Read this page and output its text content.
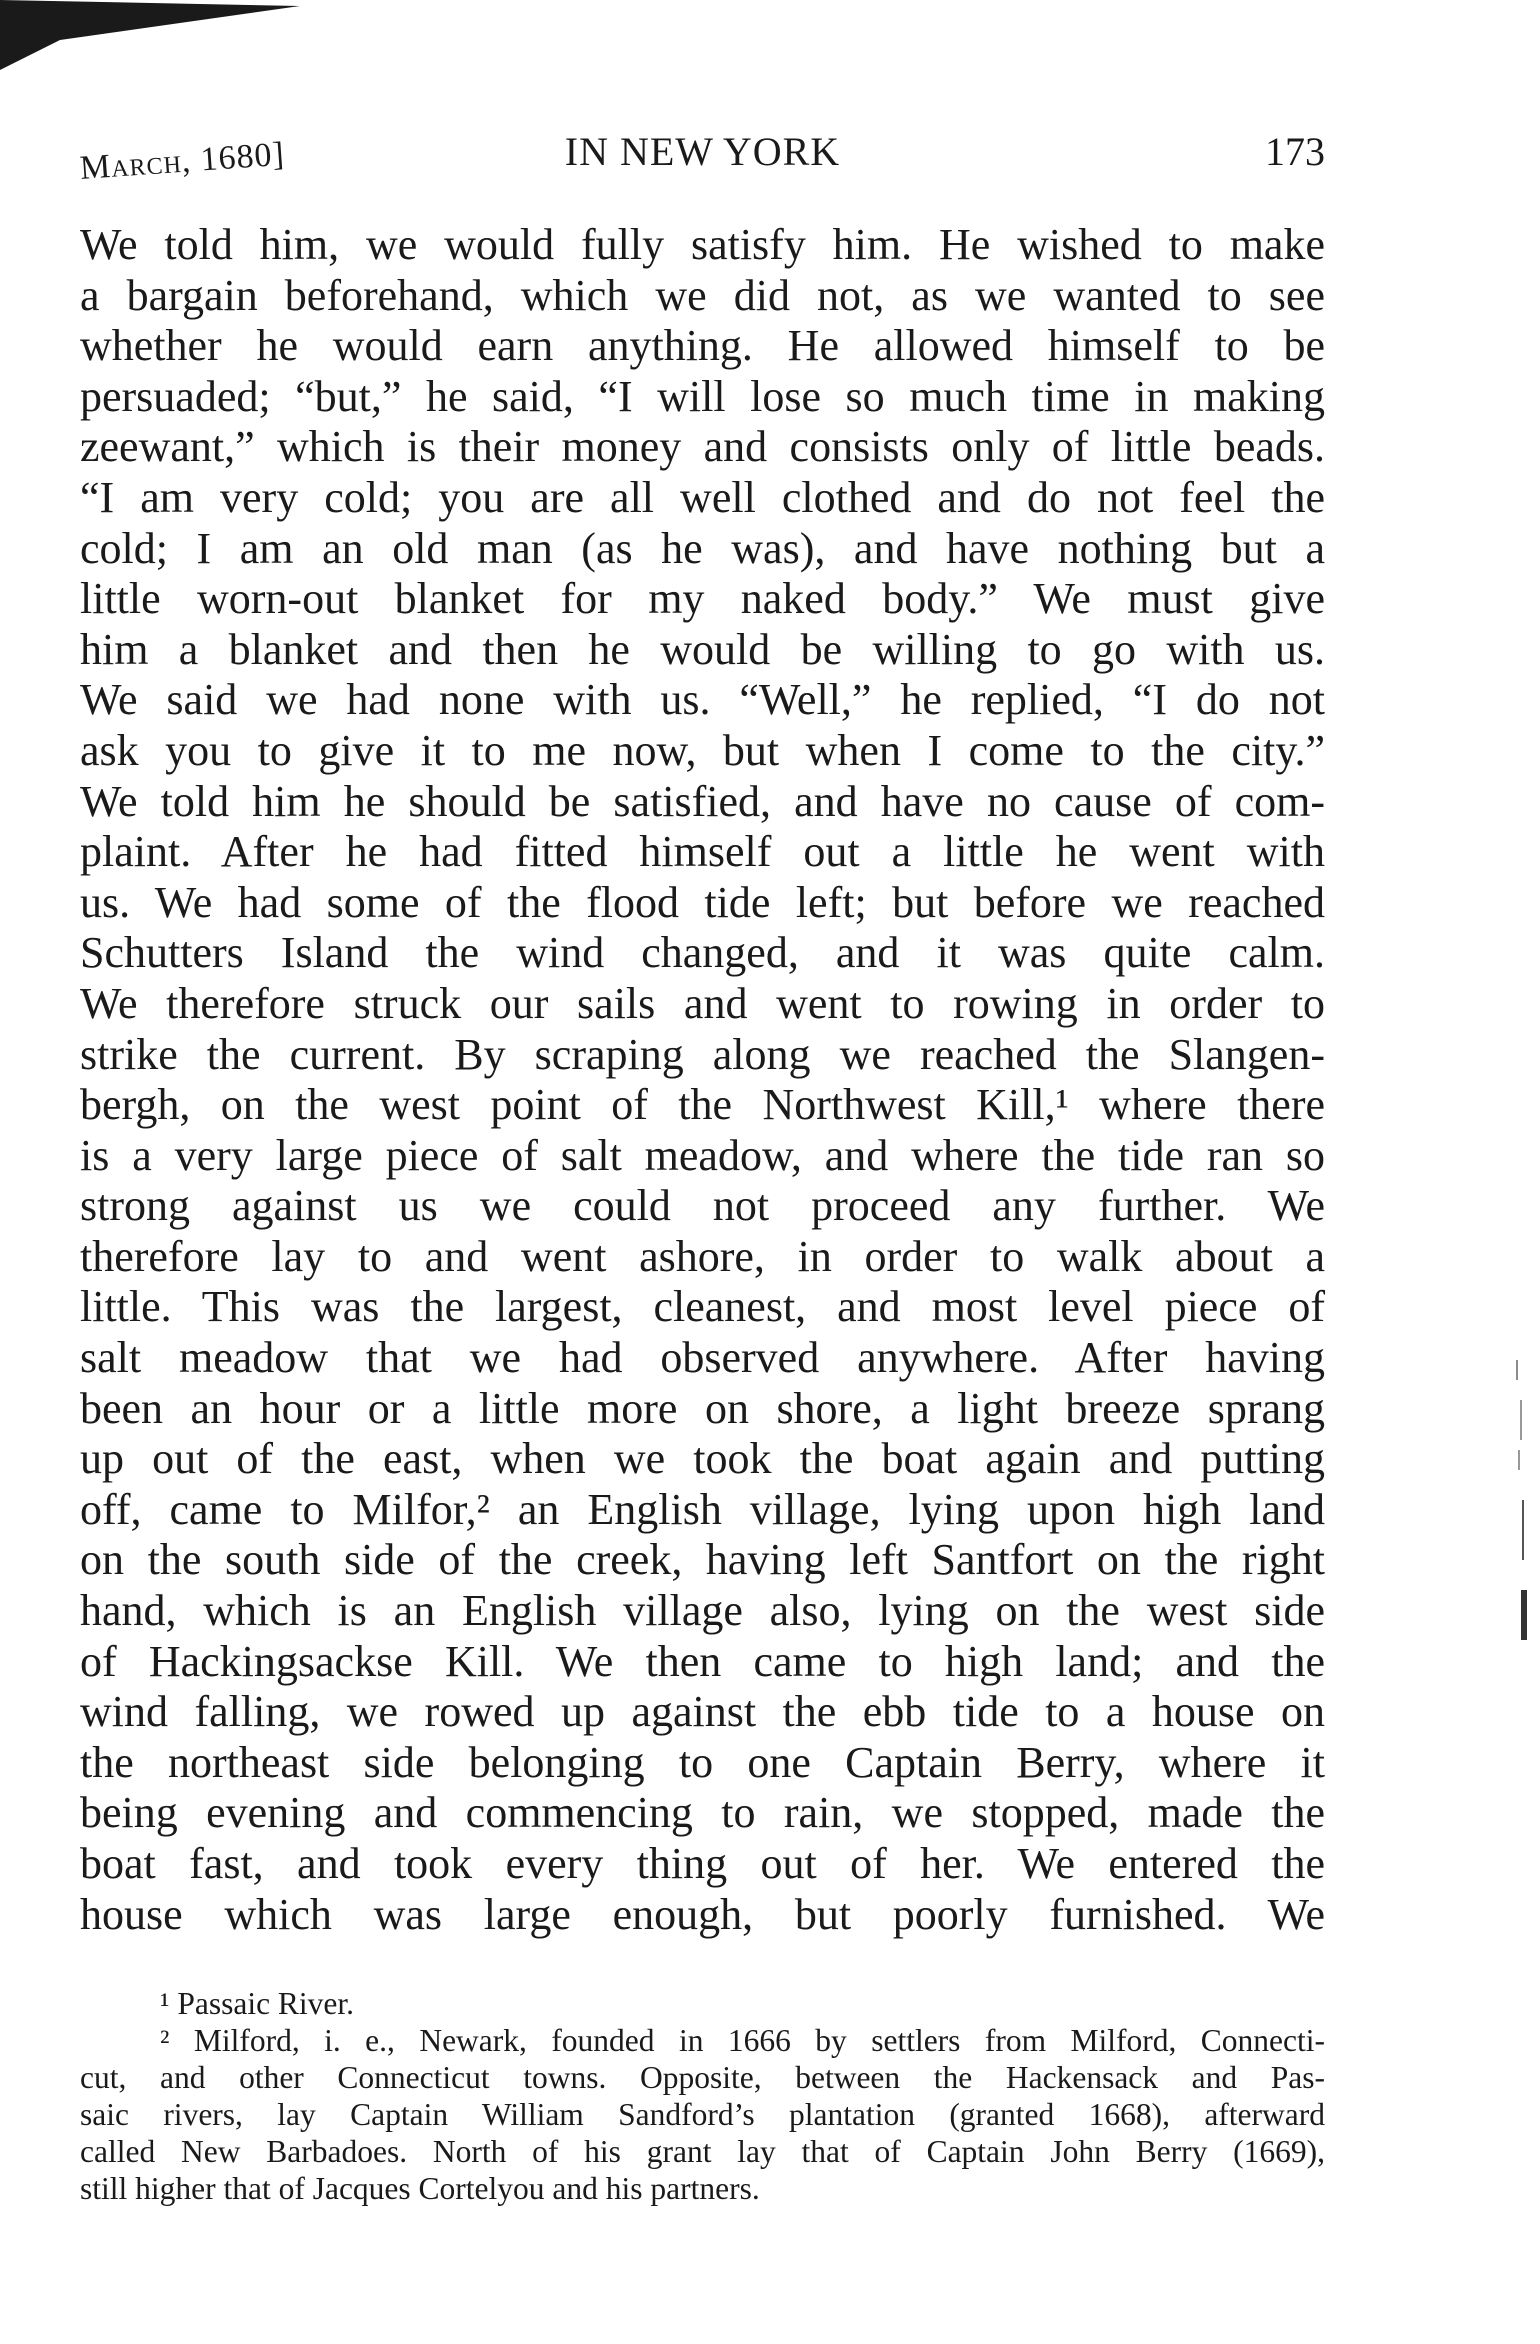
March, 1680]	IN NEW YORK	173
We told him, we would fully satisfy him. He wished to make
a bargain beforehand, which we did not, as we wanted to see
whether he would earn anything. He allowed himself to be
persuaded; “but,” he said, “I will lose so much time in making
zeewant,” which is their money and consists only of little beads.
“I am very cold; you are all well clothed and do not feel the
cold; I am an old man (as he was), and have nothing but a
little worn-out blanket for my naked body.” We must give
him a blanket and then he would be willing to go with us.
We said we had none with us. “Well,” he replied, “I do not
ask you to give it to me now, but when I come to the city.”
We told him he should be satisfied, and have no cause of com-
plaint. After he had fitted himself out a little he went with
us. We had some of the flood tide left; but before we reached
Schutters Island the wind changed, and it was quite calm.
We therefore struck our sails and went to rowing in order to
strike the current. By scraping along we reached the Slangen-
bergh, on the west point of the Northwest Kill,¹ where there
is a very large piece of salt meadow, and where the tide ran so
strong against us we could not proceed any further. We
therefore lay to and went ashore, in order to walk about a
little. This was the largest, cleanest, and most level piece of
salt meadow that we had observed anywhere. After having
been an hour or a little more on shore, a light breeze sprang
up out of the east, when we took the boat again and putting
off, came to Milfor,² an English village, lying upon high land
on the south side of the creek, having left Santfort on the right
hand, which is an English village also, lying on the west side
of Hackingsackse Kill. We then came to high land; and the
wind falling, we rowed up against the ebb tide to a house on
the northeast side belonging to one Captain Berry, where it
being evening and commencing to rain, we stopped, made the
boat fast, and took every thing out of her. We entered the
house which was large enough, but poorly furnished. We
¹ Passaic River.
² Milford, i. e., Newark, founded in 1666 by settlers from Milford, Connecti-
cut, and other Connecticut towns. Opposite, between the Hackensack and Pas-
saic rivers, lay Captain William Sandford’s plantation (granted 1668), afterward
called New Barbadoes. North of his grant lay that of Captain John Berry (1669),
still higher that of Jacques Cortelyou and his partners.
